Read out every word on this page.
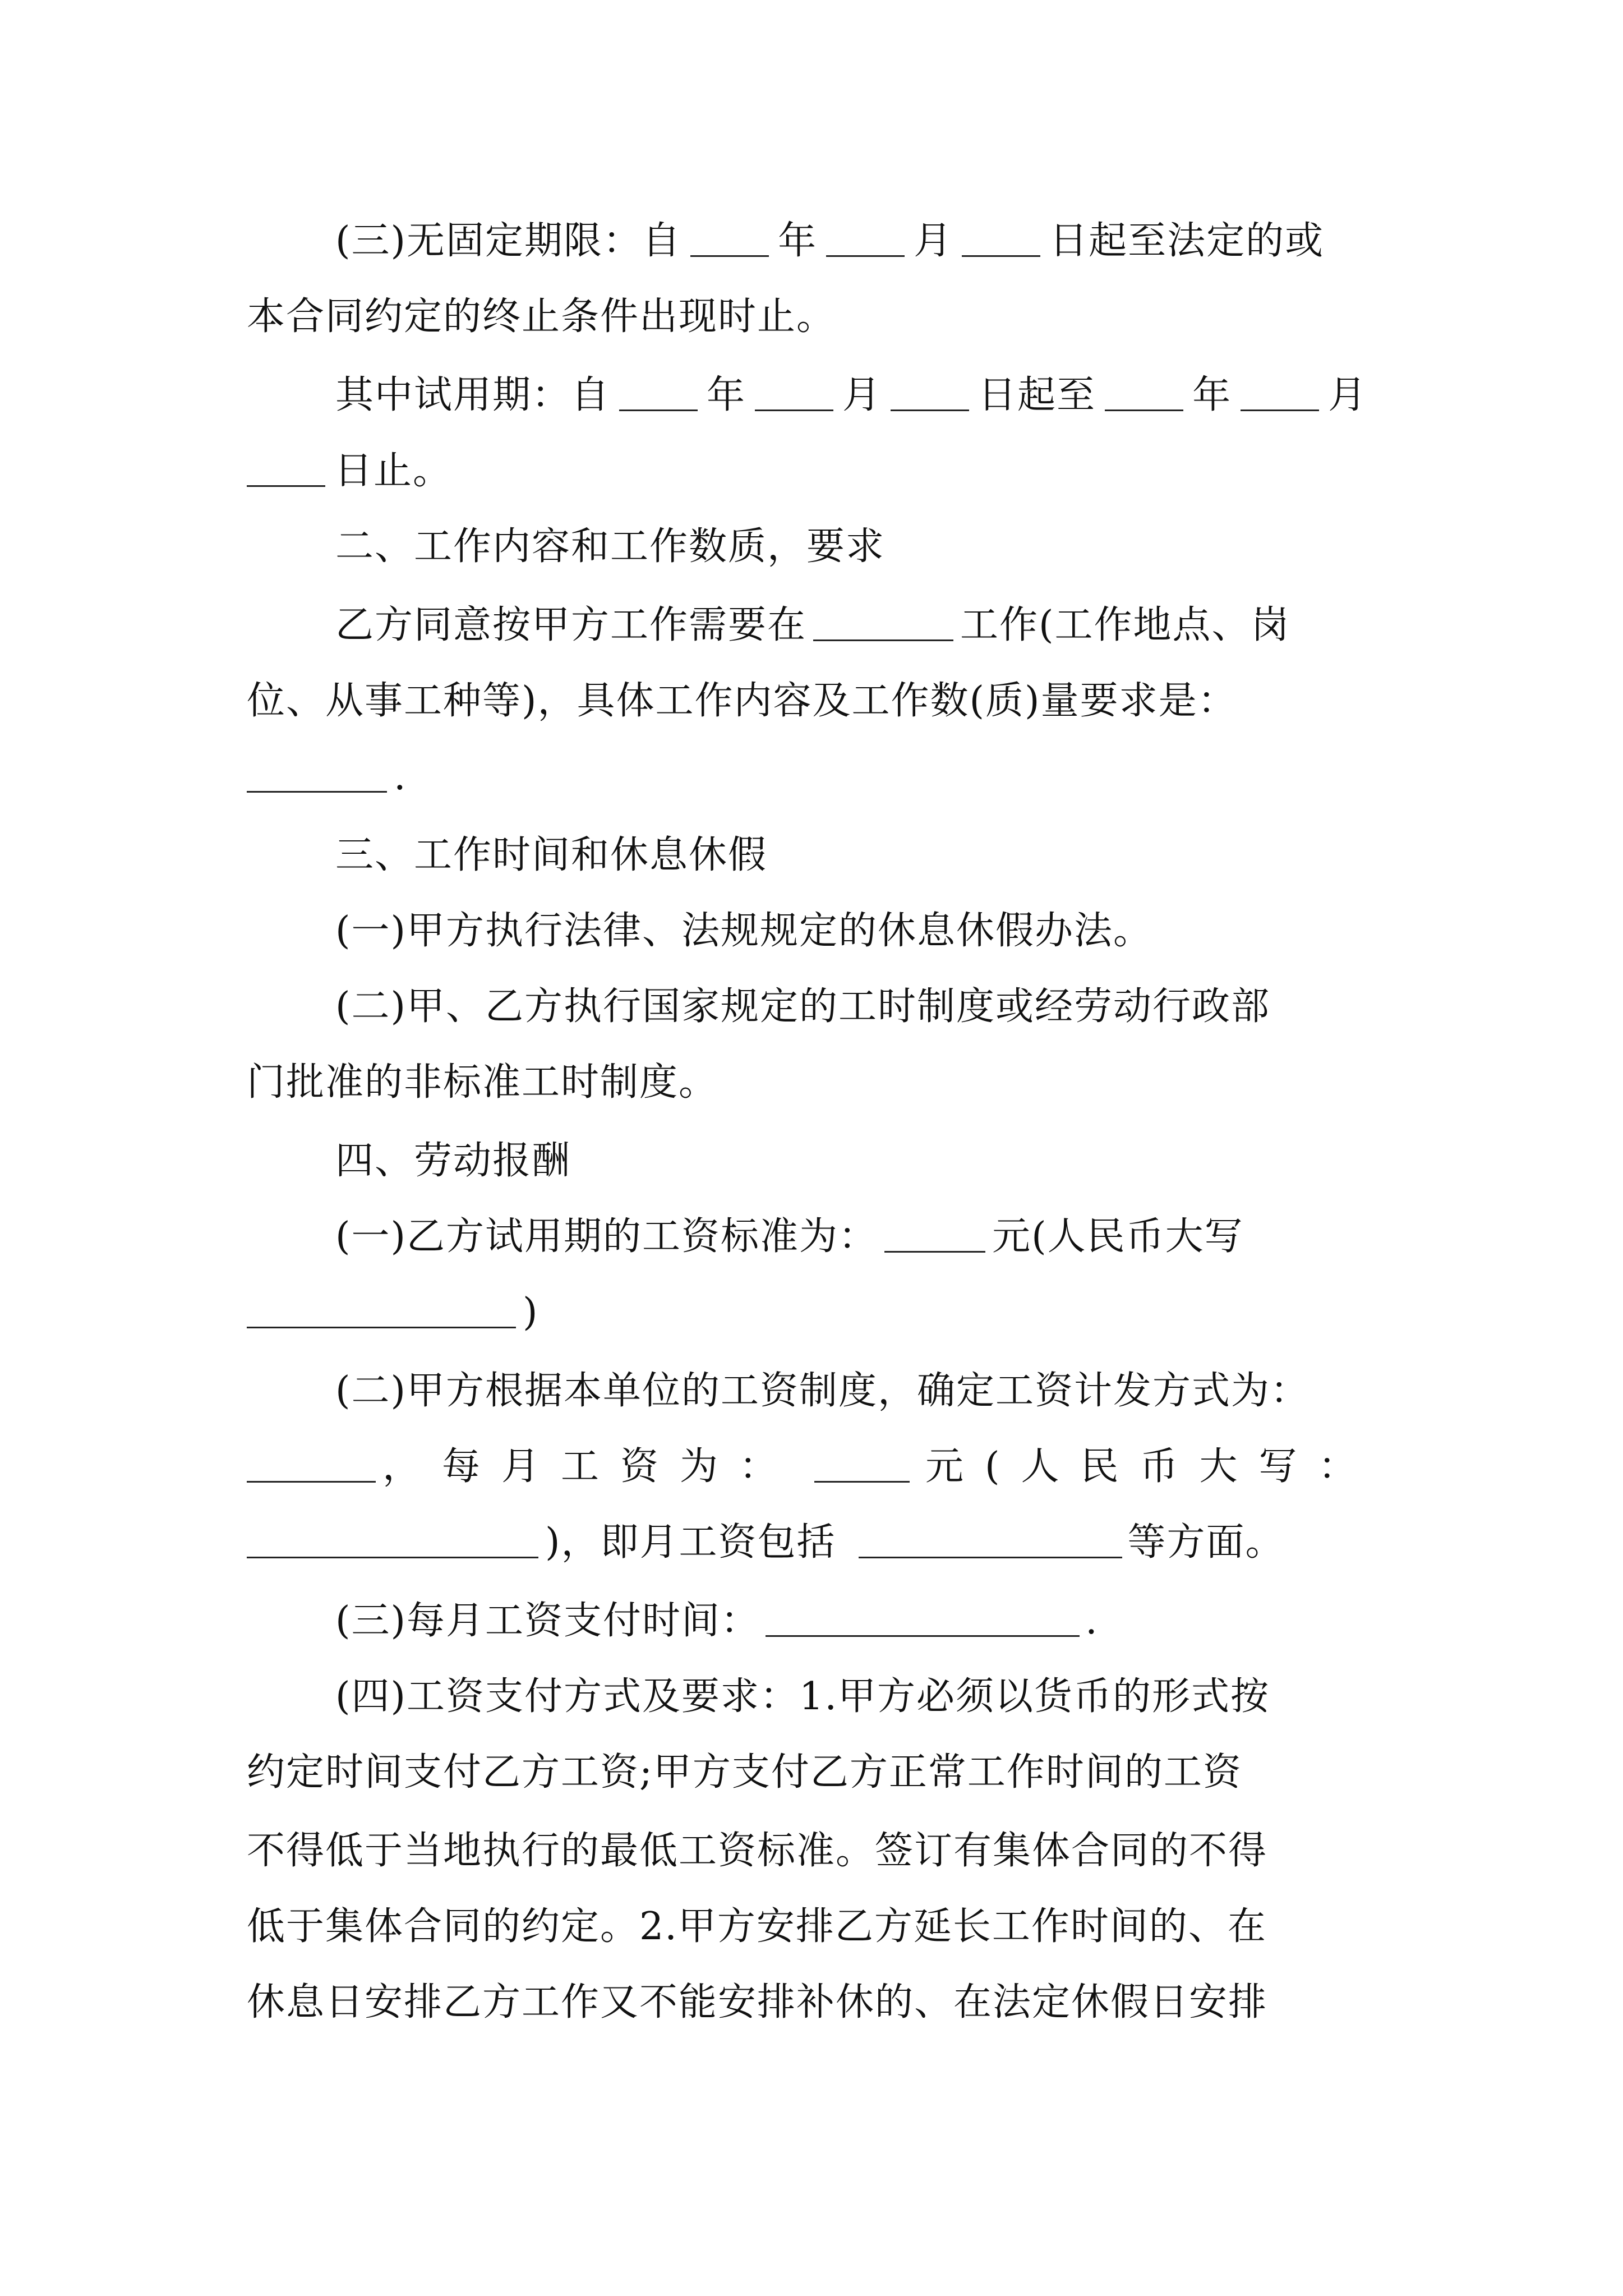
(三)无固定期限：自	年	月	日起至法定的或
本合同约定的终止条件出现时止。
其中试用期：自	年	月	日起至	年	月
日止。
二、工作内容和工作数质，要求
乙方同意按甲方工作需要在	工作(工作地点、岗
位、从事工种等)，具体工作内容及工作数(质)量要求是：
.
三、工作时间和休息休假
(一)甲方执行法律、法规规定的休息休假办法。
(二)甲、乙方执行国家规定的工时制度或经劳动行政部
门批准的非标准工时制度。
四、劳动报酬
(一)乙方试用期的工资标准为：	元(人民币大写
)
(二)甲方根据本单位的工资制度，确定工资计发方式为：
，每月工资为：	元(人民币大写：
)，即月工资包括	等方面。
(三)每月工资支付时间：	.
(四)工资支付方式及要求：1.甲方必须以货币的形式按
约定时间支付乙方工资;甲方支付乙方正常工作时间的工资
不得低于当地执行的最低工资标准。签订有集体合同的不得
低于集体合同的约定。2.甲方安排乙方延长工作时间的、在
休息日安排乙方工作又不能安排补休的、在法定休假日安排
